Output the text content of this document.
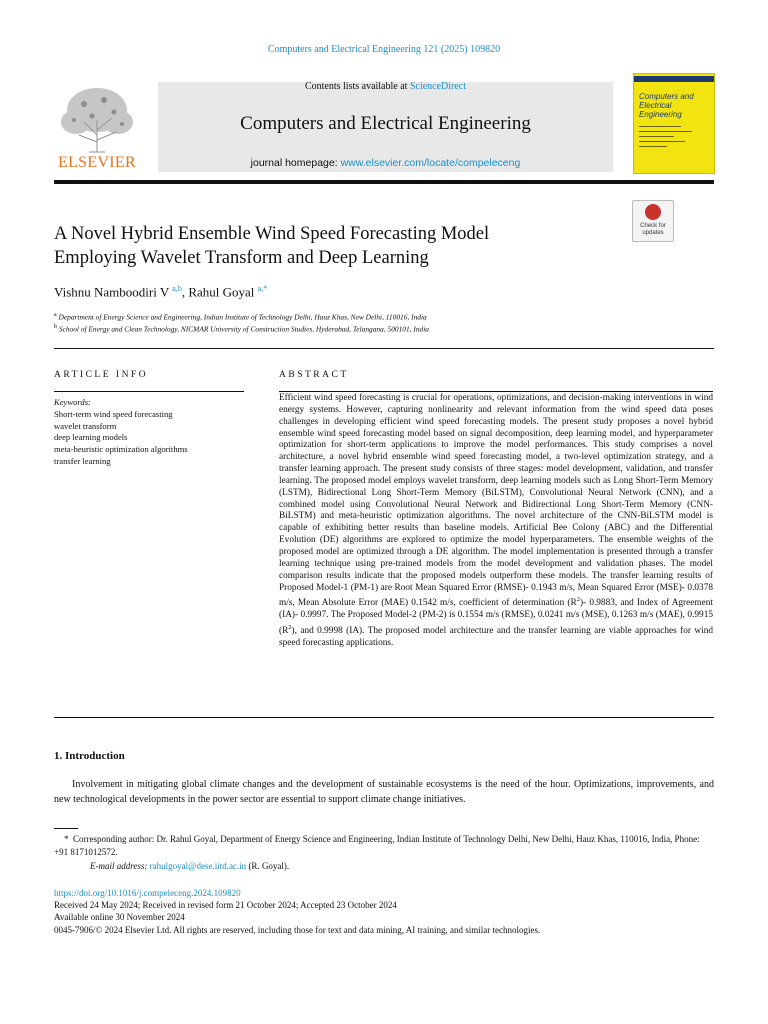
Computers and Electrical Engineering 121 (2025) 109820
ELSEVIER
Contents lists available at ScienceDirect
Computers and Electrical Engineering
journal homepage: www.elsevier.com/locate/compeleceng
Computers and
Electrical Engineering
Check for
updates
A Novel Hybrid Ensemble Wind Speed Forecasting Model
Employing Wavelet Transform and Deep Learning
Vishnu Namboodiri V $^{a,b}$, Rahul Goyal $^{a,*}$
$^a$ Department of Energy Science and Engineering, Indian Institute of Technology Delhi, Hauz Khas, New Delhi, 110016, India
$^b$ School of Energy and Clean Technology, NICMAR University of Construction Studies, Hyderabad, Telangana, 500101, India
ARTICLE INFO
Keywords:
Short-term wind speed forecasting
wavelet transform
deep learning models
meta-heuristic optimization algorithms
transfer learning
ABSTRACT
Efficient wind speed forecasting is crucial for operations, optimizations, and decision-making interventions in wind energy systems. However, capturing nonlinearity and relevant information from the wind speed data poses challenges in developing efficient wind speed forecasting models. The present study proposes a novel hybrid ensemble wind speed forecasting model based on signal decomposition, deep learning model, and hyperparameter optimization for short-term applications to improve the model performances. This study comprises a novel architecture, a novel hybrid ensemble wind speed forecasting model, a two-level optimization strategy, and a transfer learning approach. The present study consists of three stages: model development, validation, and transfer learning. The proposed model employs wavelet transform, deep learning models such as Long Short-Term Memory (LSTM), Bidirectional Long Short-Term Memory (BiLSTM), Convolutional Neural Network (CNN), and a combined model using Convolutional Neural Network and Bidirectional Long Short-Term Memory (CNN-BiLSTM) and meta-heuristic optimization algorithms. The novel architecture of the CNN-BiLSTM model is capable of exhibiting better results than baseline models. Artificial Bee Colony (ABC) and the Differential Evolution (DE) algorithms are explored to optimize the model hyperparameters. The ensemble weights of the proposed model are optimized through a DE algorithm. The model implementation is presented through a transfer learning technique using pre-trained models from the model development and validation phases. The model comparison results indicate that the proposed models outperform these models. The transfer learning results of Proposed Model-1 (PM-1) are Root Mean Squared Error (RMSE)- 0.1943 m/s, Mean Squared Error (MSE)- 0.0378 m/s, Mean Absolute Error (MAE) 0.1542 m/s, coefficient of determination $(R^2)-$ 0.9883, and Index of Agreement (IA)- 0.9997. The Proposed Model-2 (PM-2) is 0.1554 m/s (RMSE), 0.0241 m/s (MSE), 0.1263 m/s (MAE), 0.9915 $(R^2)$, and 0.9998 (IA). The proposed model architecture and the transfer learning are viable approaches for wind speed forecasting applications.
1. Introduction
Involvement in mitigating global climate changes and the development of sustainable ecosystems is the need of the hour. Optimizations, improvements, and new technological developments in the power sector are essential to support climate change initiatives.
* Corresponding author: Dr. Rahul Goyal, Department of Energy Science and Engineering, Indian Institute of Technology Delhi, New Delhi, Hauz Khas, 110016, India, Phone: +91 8171012572.
E-mail address: rahulgoyal@dese.iitd.ac.in (R. Goyal).
https://doi.org/10.1016/j.compeleceng.2024.109820
Received 24 May 2024; Received in revised form 21 October 2024; Accepted 23 October 2024
Available online 30 November 2024
0045-7906/© 2024 Elsevier Ltd. All rights are reserved, including those for text and data mining, AI training, and similar technologies.
